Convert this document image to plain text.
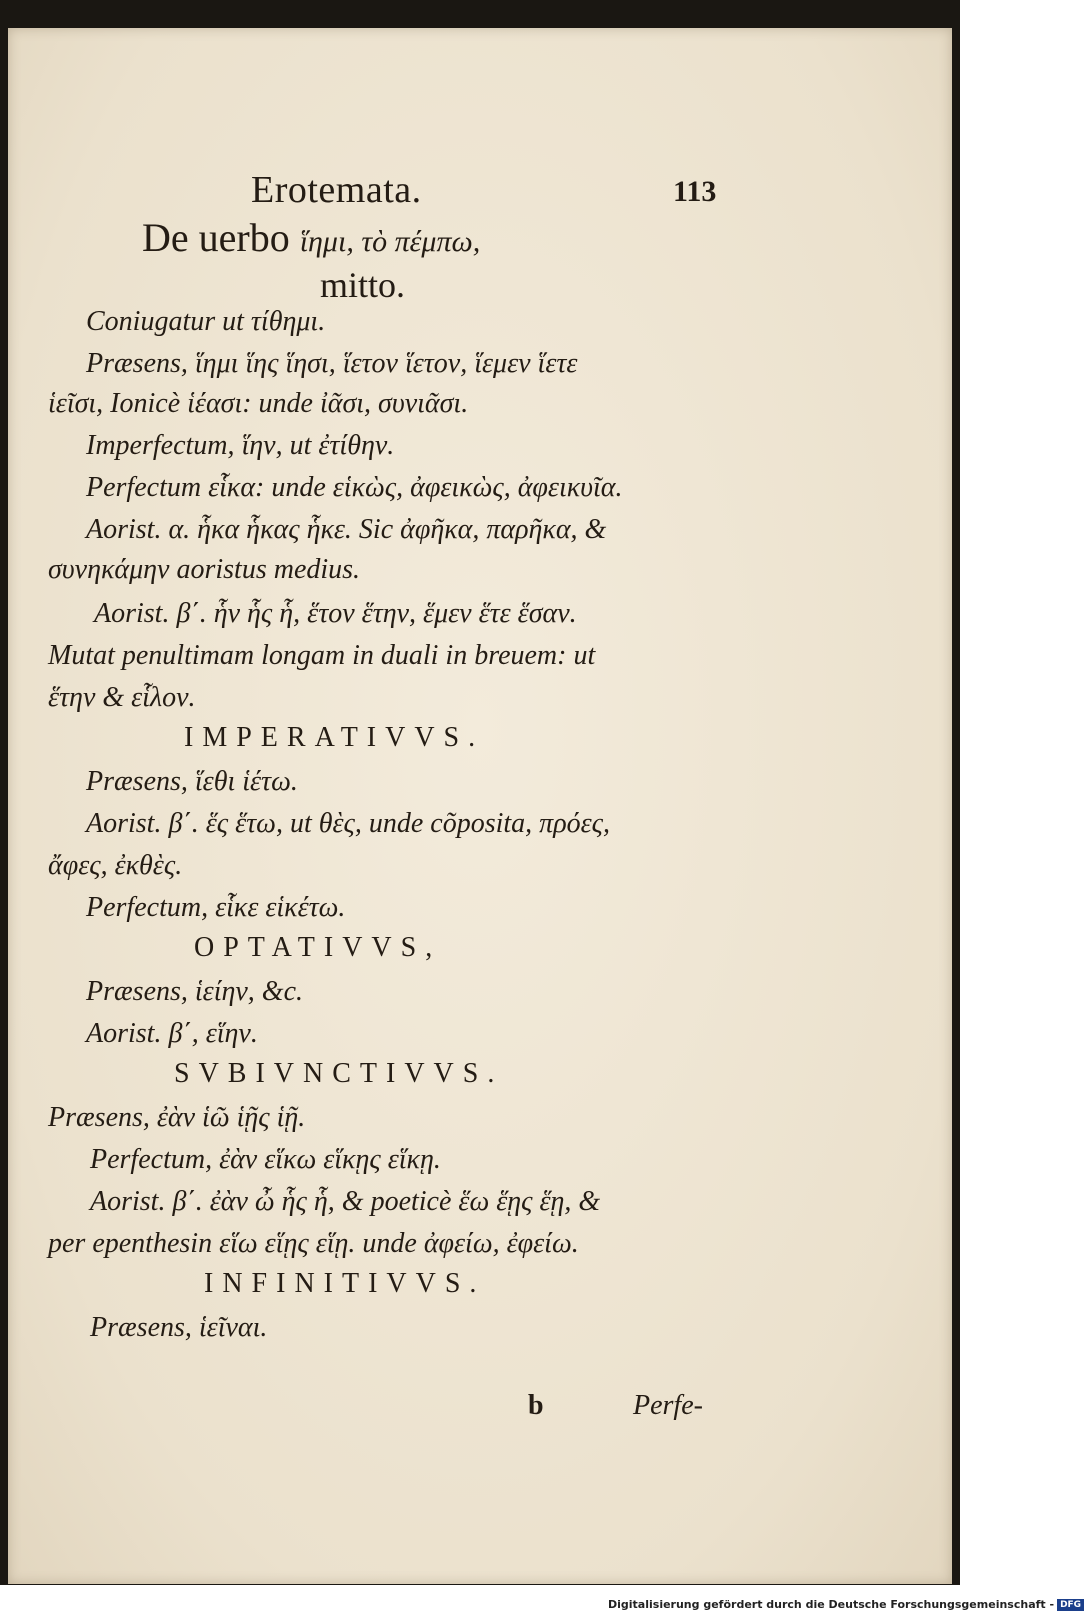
Erotemata.	113
De uerbo ἵημι, τὸ πέμπω,
mitto.
Coniugatur ut τίθημι.
Præsens, ἵημι ἵης ἵησι, ἵετον ἵετον, ἵεμεν ἵετε
ἱεῖσι, Ionicè ἱέασι: unde ἰᾶσι, συνιᾶσι.
Imperfectum, ἵην, ut ἐτίθην.
Perfectum εἷκα: unde εἱκὼς, ἀφεικὼς, ἀφεικυῖα.
Aorist. α. ἧκα ἧκας ἧκε. Sic ἀφῆκα, παρῆκα, &
συνηκάμην aoristus medius.
Aorist. β΄. ἧν ἧς ἧ, ἕτον ἕτην, ἕμεν ἕτε ἕσαν.
Mutat penultimam longam in duali in breuem: ut
ἕτην & εἷλον.
IMPERATIVVS.
Præsens, ἵεθι ἱέτω.
Aorist. β΄. ἕς ἕτω, ut θὲς, unde cõposita, πρόες,
ἄφες, ἐκθὲς.
Perfectum, εἷκε εἱκέτω.
OPTATIVVS,
Præsens, ἱείην, &c.
Aorist. β΄, εἵην.
SVBIVNCTIVVS.
Præsens, ἐὰν ἱῶ ἱῇς ἱῇ.
Perfectum, ἐὰν εἵκω εἵκῃς εἵκῃ.
Aorist. β΄. ἐὰν ὦ ἧς ἧ, & poeticè ἕω ἕῃς ἕῃ, &
per epenthesin εἵω εἵῃς εἵῃ. unde ἀφείω, ἐφείω.
INFINITIVVS.
Præsens, ἱεῖναι.
b	Perfe-
Digitalisierung gefördert durch die Deutsche Forschungsgemeinschaft - DFG
